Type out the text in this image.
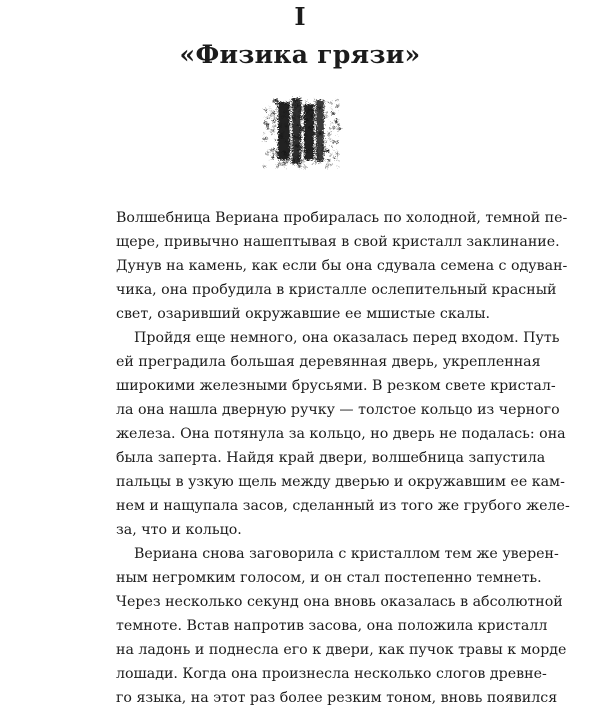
I
«Физика грязи»
Волшебница Вериана пробиралась по холодной, темной пе-
щере, привычно нашептывая в свой кристалл заклинание.
Дунув на камень, как если бы она сдувала семена с одуван-
чика, она пробудила в кристалле ослепительный красный
свет, озаривший окружавшие ее мшистые скалы.
Пройдя еще немного, она оказалась перед входом. Путь
ей преградила большая деревянная дверь, укрепленная
широкими железными брусьями. В резком свете кристал-
ла она нашла дверную ручку — толстое кольцо из черного
железа. Она потянула за кольцо, но дверь не подалась: она
была заперта. Найдя край двери, волшебница запустила
пальцы в узкую щель между дверью и окружавшим ее кам-
нем и нащупала засов, сделанный из того же грубого желе-
за, что и кольцо.
Вериана снова заговорила с кристаллом тем же уверен-
ным негромким голосом, и он стал постепенно темнеть.
Через несколько секунд она вновь оказалась в абсолютной
темноте. Встав напротив засова, она положила кристалл
на ладонь и поднесла его к двери, как пучок травы к морде
лошади. Когда она произнесла несколько слогов древне-
го языка, на этот раз более резким тоном, вновь появился
